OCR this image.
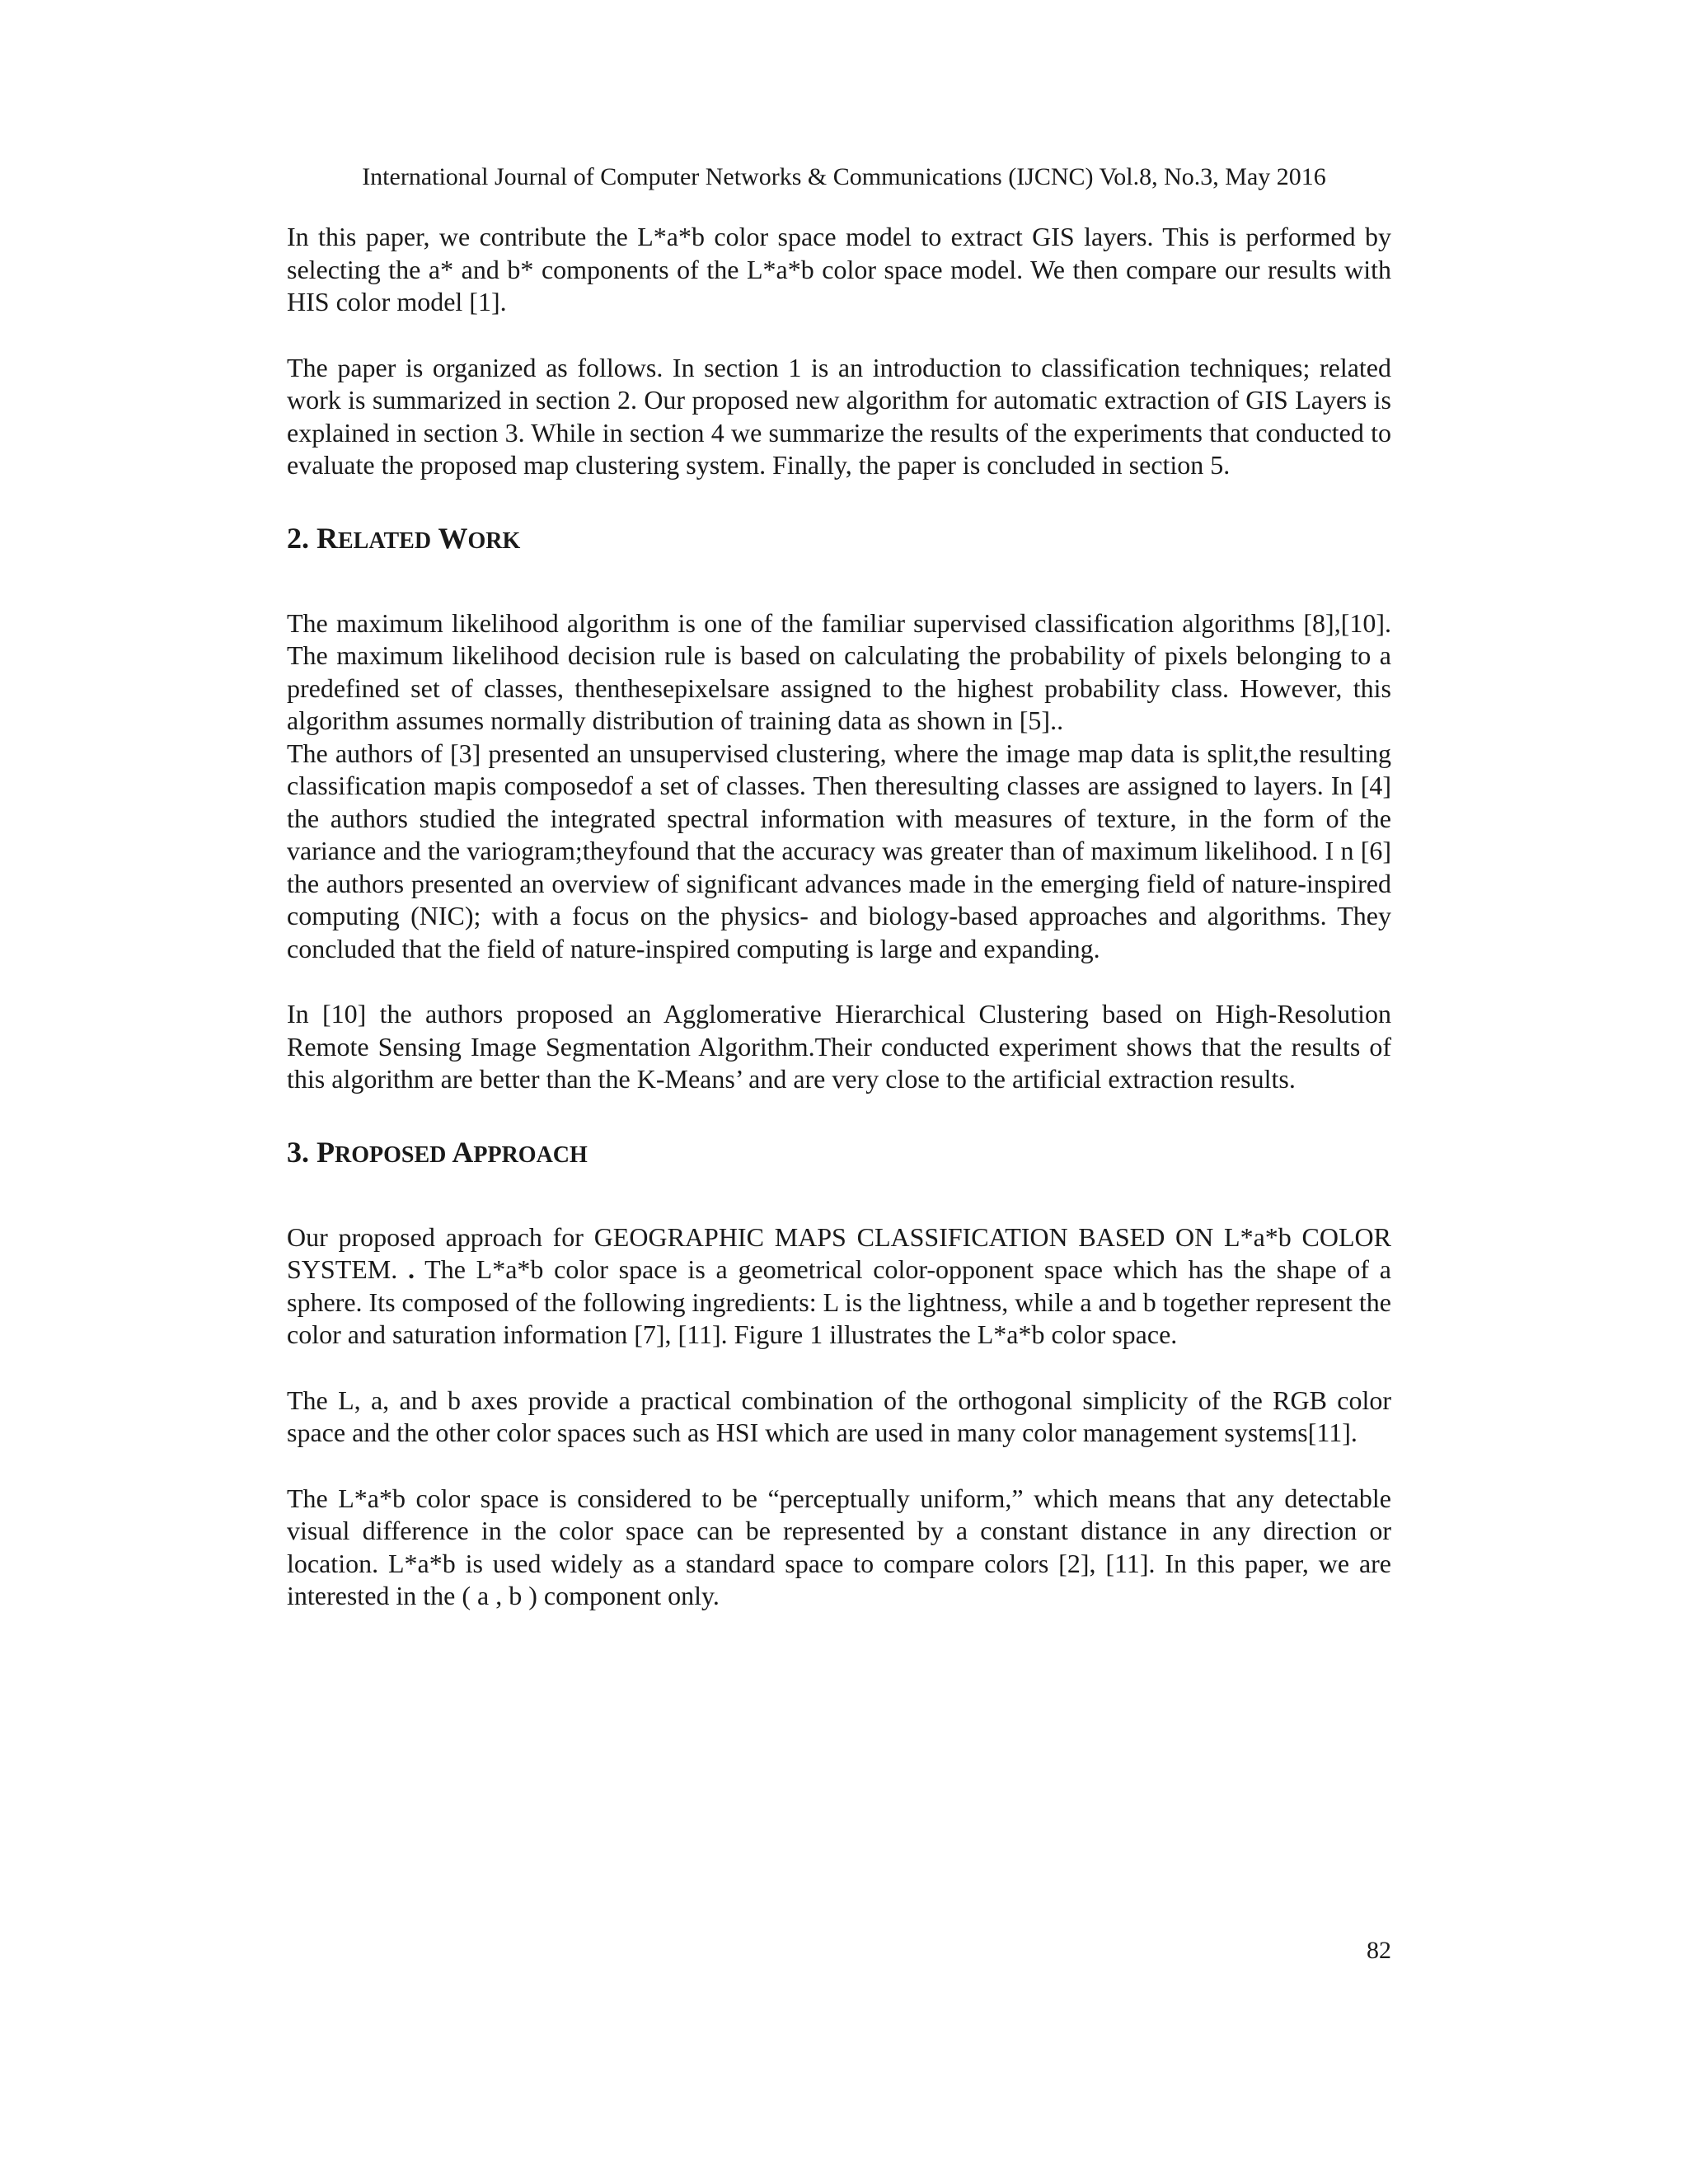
International Journal of Computer Networks & Communications (IJCNC) Vol.8, No.3, May 2016

In this paper, we contribute the L*a*b color space model to extract GIS layers. This is performed by selecting the a* and b* components of the L*a*b color space model. We then compare our results with HIS color model [1].

The paper is organized as follows. In section 1 is an introduction to classification techniques; related work is summarized in section 2. Our proposed new algorithm for automatic extraction of GIS Layers is explained in section 3. While in section 4 we summarize the results of the experiments that conducted to evaluate the proposed map clustering system. Finally, the paper is concluded in section 5.

2. RELATED WORK

The maximum likelihood algorithm is one of the familiar supervised classification algorithms [8],[10]. The maximum likelihood decision rule is based on calculating the probability of pixels belonging to a predefined set of classes, thenthesepixelsare assigned to the highest probability class. However, this algorithm assumes normally distribution of training data as shown in [5]..

The authors of [3] presented an unsupervised clustering, where the image map data is split,the resulting classification mapis composedof a set of classes. Then theresulting classes are assigned to layers. In [4] the authors studied the integrated spectral information with measures of texture, in the form of the variance and the variogram;theyfound that the accuracy was greater than of maximum likelihood. I n [6] the authors presented an overview of significant advances made in the emerging field of nature-inspired computing (NIC); with a focus on the physics- and biology-based approaches and algorithms. They concluded that the field of nature-inspired computing is large and expanding.

In [10] the authors proposed an Agglomerative Hierarchical Clustering based on High-Resolution Remote Sensing Image Segmentation Algorithm.Their conducted experiment shows that the results of this algorithm are better than the K-Means’ and are very close to the artificial extraction results.

3. PROPOSED APPROACH

Our proposed approach for GEOGRAPHIC MAPS CLASSIFICATION BASED ON L*a*b COLOR SYSTEM. . The L*a*b color space is a geometrical color-opponent space which has the shape of a sphere. Its composed of the following ingredients: L is the lightness, while a and b together represent the color and saturation information [7], [11]. Figure 1 illustrates the L*a*b color space.

The L, a, and b axes provide a practical combination of the orthogonal simplicity of the RGB color space and the other color spaces such as HSI which are used in many color management systems[11].

The L*a*b color space is considered to be “perceptually uniform,” which means that any detectable visual difference in the color space can be represented by a constant distance in any direction or location. L*a*b is used widely as a standard space to compare colors [2], [11]. In this paper, we are interested in the ( a , b ) component only.

82
